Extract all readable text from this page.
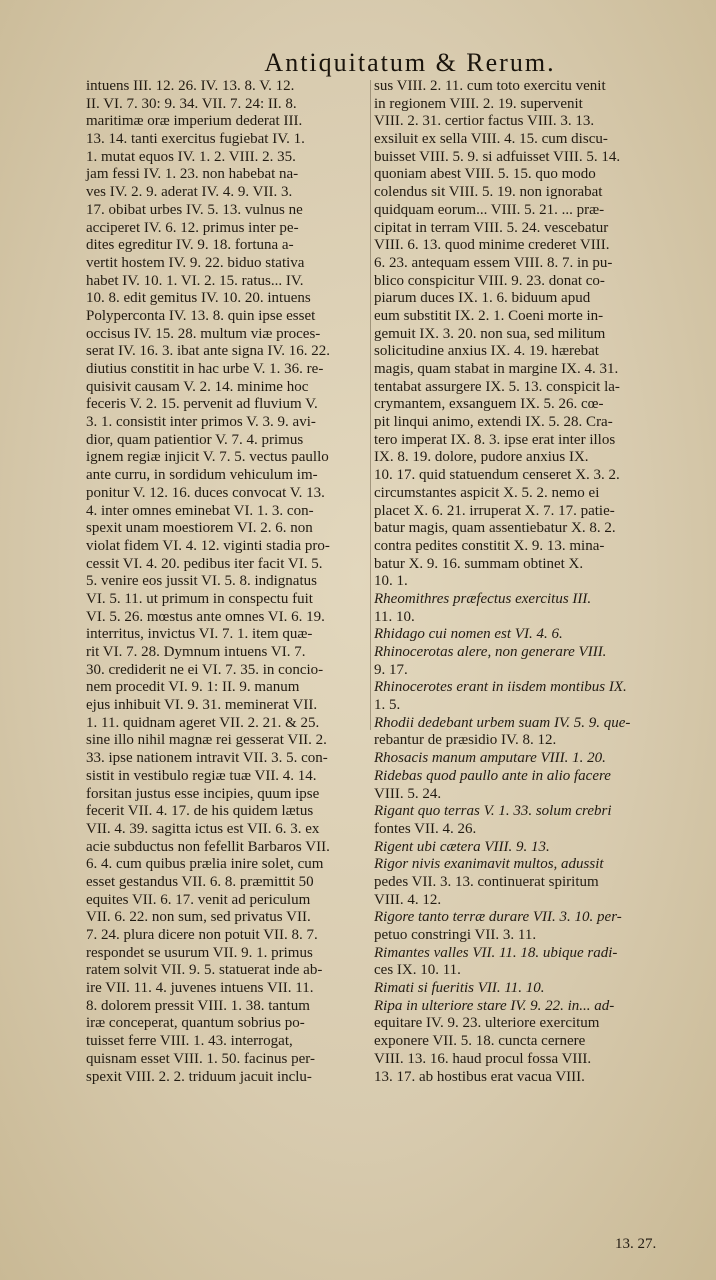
Antiquitatum & Rerum.
intuens III. 12. 26. IV. 13. 8. V. 12.
II. VI. 7. 30: 9. 34. VII. 7. 24: II. 8.
maritimæ oræ imperium dederat III.
13. 14. tanti exercitus fugiebat IV. 1.
1. mutat equos IV. 1. 2. VIII. 2. 35.
jam fessi IV. 1. 23. non habebat na-
ves IV. 2. 9. aderat IV. 4. 9. VII. 3.
17. obibat urbes IV. 5. 13. vulnus ne
acciperet IV. 6. 12. primus inter pe-
dites egreditur IV. 9. 18. fortuna a-
vertit hostem IV. 9. 22. biduo stativa
habet IV. 10. 1. VI. 2. 15. ratus... IV.
10. 8. edit gemitus IV. 10. 20. intuens
Polyperconta IV. 13. 8. quin ipse esset
occisus IV. 15. 28. multum viæ proces-
serat IV. 16. 3. ibat ante signa IV. 16. 22.
diutius constitit in hac urbe V. 1. 36. re-
quisivit causam V. 2. 14. minime hoc
feceris V. 2. 15. pervenit ad fluvium V.
3. 1. consistit inter primos V. 3. 9. avi-
dior, quam patientior V. 7. 4. primus
ignem regiæ injicit V. 7. 5. vectus paullo
ante curru, in sordidum vehiculum im-
ponitur V. 12. 16. duces convocat V. 13.
4. inter omnes eminebat VI. 1. 3. con-
spexit unam moestiorem VI. 2. 6. non
violat fidem VI. 4. 12. viginti stadia pro-
cessit VI. 4. 20. pedibus iter facit VI. 5.
5. venire eos jussit VI. 5. 8. indignatus
VI. 5. 11. ut primum in conspectu fuit
VI. 5. 26. mœstus ante omnes VI. 6. 19.
interritus, invictus VI. 7. 1. item quæ-
rit VI. 7. 28. Dymnum intuens VI. 7.
30. crediderit ne ei VI. 7. 35. in concio-
nem procedit VI. 9. 1: II. 9. manum
ejus inhibuit VI. 9. 31. meminerat VII.
1. 11. quidnam ageret VII. 2. 21. & 25.
sine illo nihil magnæ rei gesserat VII. 2.
33. ipse nationem intravit VII. 3. 5. con-
sistit in vestibulo regiæ tuæ VII. 4. 14.
forsitan justus esse incipies, quum ipse
fecerit VII. 4. 17. de his quidem lætus
VII. 4. 39. sagitta ictus est VII. 6. 3. ex
acie subductus non fefellit Barbaros VII.
6. 4. cum quibus prælia inire solet, cum
esset gestandus VII. 6. 8. præmittit 50
equites VII. 6. 17. venit ad periculum
VII. 6. 22. non sum, sed privatus VII.
7. 24. plura dicere non potuit VII. 8. 7.
respondet se usurum VII. 9. 1. primus
ratem solvit VII. 9. 5. statuerat inde ab-
ire VII. 11. 4. juvenes intuens VII. 11.
8. dolorem pressit VIII. 1. 38. tantum
iræ conceperat, quantum sobrius po-
tuisset ferre VIII. 1. 43. interrogat,
quisnam esset VIII. 1. 50. facinus per-
spexit VIII. 2. 2. triduum jacuit inclu-
sus VIII. 2. 11. cum toto exercitu venit
in regionem VIII. 2. 19. supervenit
VIII. 2. 31. certior factus VIII. 3. 13.
exsiluit ex sella VIII. 4. 15. cum discu-
buisset VIII. 5. 9. si adfuisset VIII. 5. 14.
quoniam abest VIII. 5. 15. quo modo
colendus sit VIII. 5. 19. non ignorabat
quidquam eorum... VIII. 5. 21. ... præ-
cipitat in terram VIII. 5. 24. vescebatur
VIII. 6. 13. quod minime crederet VIII.
6. 23. antequam essem VIII. 8. 7. in pu-
blico conspicitur VIII. 9. 23. donat co-
piarum duces IX. 1. 6. biduum apud
eum substitit IX. 2. 1. Coeni morte in-
gemuit IX. 3. 20. non sua, sed militum
solicitudine anxius IX. 4. 19. hærebat
magis, quam stabat in margine IX. 4. 31.
tentabat assurgere IX. 5. 13. conspicit la-
crymantem, exsanguem IX. 5. 26. cœ-
pit linqui animo, extendi IX. 5. 28. Cra-
tero imperat IX. 8. 3. ipse erat inter illos
IX. 8. 19. dolore, pudore anxius IX.
10. 17. quid statuendum censeret X. 3. 2.
circumstantes aspicit X. 5. 2. nemo ei
placet X. 6. 21. irruperat X. 7. 17. patie-
batur magis, quam assentiebatur X. 8. 2.
contra pedites constitit X. 9. 13. mina-
batur X. 9. 16. summam obtinet X.
10. 1.
Rheomithres præfectus exercitus III.
11. 10.
Rhidago cui nomen est VI. 4. 6.
Rhinocerotas alere, non generare VIII.
9. 17.
Rhinocerotes erant in iisdem montibus IX.
1. 5.
Rhodii dedebant urbem suam IV. 5. 9. que-
rebantur de præsidio IV. 8. 12.
Rhosacis manum amputare VIII. 1. 20.
Ridebas quod paullo ante in alio facere
VIII. 5. 24.
Rigant quo terras V. 1. 33. solum crebri
fontes VII. 4. 26.
Rigent ubi cætera VIII. 9. 13.
Rigor nivis exanimavit multos, adussit
pedes VII. 3. 13. continuerat spiritum
VIII. 4. 12.
Rigore tanto terræ durare VII. 3. 10. per-
petuo constringi VII. 3. 11.
Rimantes valles VII. 11. 18. ubique radi-
ces IX. 10. 11.
Rimati si fueritis VII. 11. 10.
Ripa in ulteriore stare IV. 9. 22. in... ad-
equitare IV. 9. 23. ulteriore exercitum
exponere VII. 5. 18. cuncta cernere
VIII. 13. 16. haud procul fossa VIII.
13. 17. ab hostibus erat vacua VIII.
13. 27.
